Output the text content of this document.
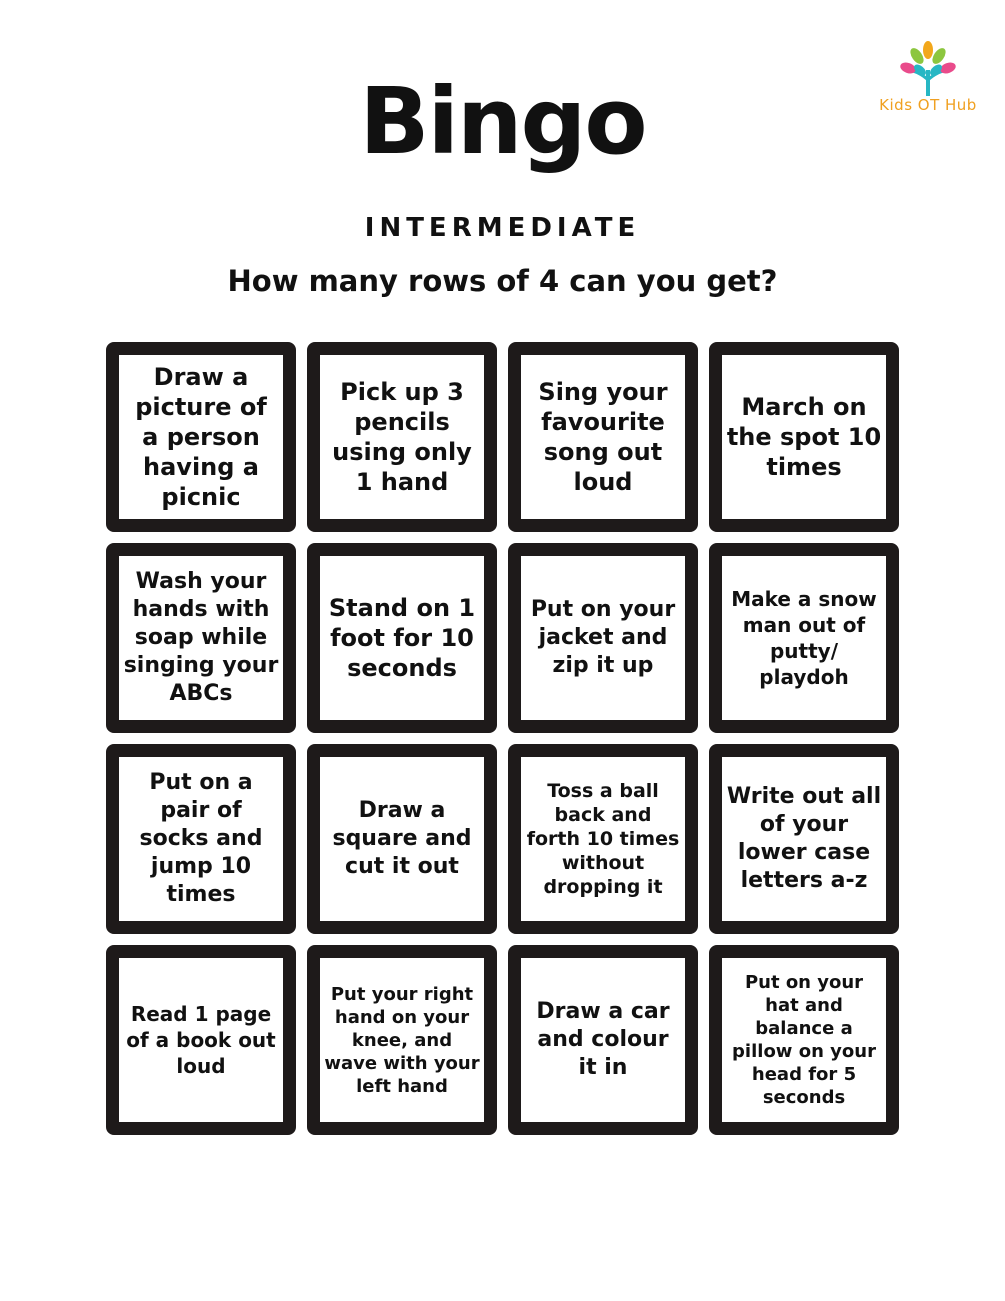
Bingo
INTERMEDIATE
How many rows of 4 can you get?
Kids OT Hub
Draw a picture of a person having a picnic
Pick up 3 pencils using only 1 hand
Sing your favourite song out loud
March on the spot 10 times
Wash your hands with soap while singing your ABCs
Stand on 1 foot for 10 seconds
Put on your jacket and zip it up
Make a snow man out of putty/ playdoh
Put on a pair of socks and jump 10 times
Draw a square and cut it out
Toss a ball back and forth 10 times without dropping it
Write out all of your lower case letters a-z
Read 1 page of a book out loud
Put your right hand on your knee, and wave with your left hand
Draw a car and colour it in
Put on your hat and balance a pillow on your head for 5 seconds
